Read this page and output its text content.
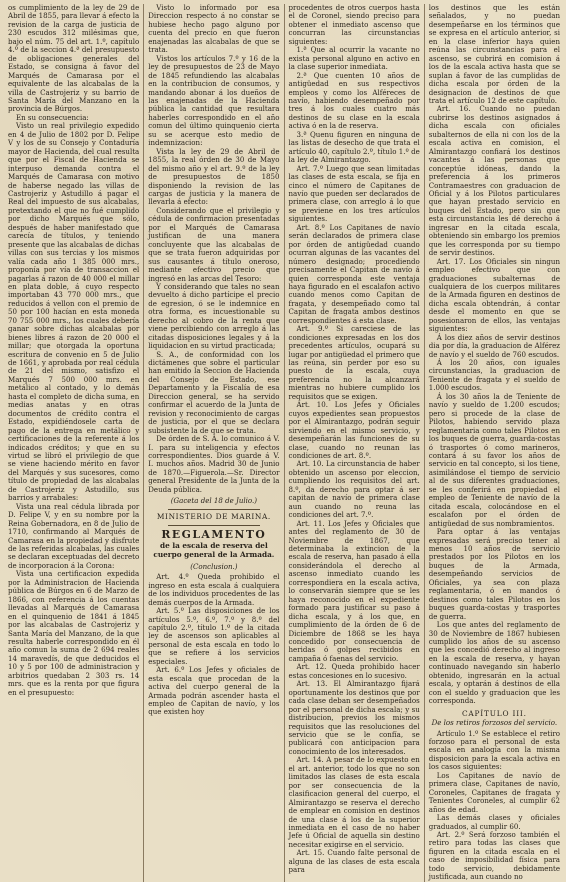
os cumplimiento de la ley de 29 de Abril de 1855, para llevar á efecto la revision de la carga de justicia de 230 escudos 312 milésimas que, bajo el núm. 75 del art. 1.º, capítulo 4.º de la seccion 4.ª del presupuesto de obligaciones generales del Estado, se consigna á favor del Marqués de Camarasa por el equivalente de las alcabalas de la villa de Castrojeriz y su barrio de Santa María del Manzano en la provincia de Búrgos.

En su consecuencia:

Visto un real privilegio expedido en 4 de Julio de 1802 por D. Felipe V y los de su Consejo y Contaduría mayor de Hacienda, del cual resulta que por el Fiscal de Hacienda se interpuso demanda contra el Marqués de Camarasa con motivo de haberse negado las villas de Castrojeriz y Astudillo á pagar el Real del impuesto de sus alcabalas, pretextando el que no fué cumplido por dicho Marqués que sólo, después de haber manifestado que carecía de títulos, y teniendo presente que las alcabalas de dichas villas con sus tercias y los mismos valía cada año 1 385 000 mrs., proponía por vía de transaccion el pagarlas á razon de 40 000 el millar en plata doble, á cuyo respecto importaban 43 770 000 mrs., que reducidos á vellon con el premio de 50 por 100 hacían en esta moneda 70 755 000 mrs., los cuales debería ganar sobre dichas alcabalas por bienes libres á razon de 20 000 el millar; que otorgada la oportuna escritura de convenio en 5 de Julio de 1661, y aprobada por real cédula de 21 del mismo, satisfizo el Marqués 7 500 000 mrs. en metálico al contado, y lo demás hasta el completo de dicha suma, en medias anatas y en otras documentos de crédito contra el Estado, expidiéndosele carta de pago de la entrega en metálico y certificaciones de la referente á los indicados créditos; y que en su virtud se libró el privilegio de que se viene haciendo mérito en favor del Marqués y sus sucesores, como título de propiedad de las alcabalas de Castrojeriz y Astudillo, sus barrios y arrabales:

Vista una real cédula librada por D. Felipe V, y en su nombre por la Reina Gobernadora, en 8 de Julio de 1710, confirmando al Marqués de Camarasa en la propiedad y disfrute de las referidas alcabalas, las cuales se declaran exceptuadas del decreto de incorporacion á la Corona:

Vista una certificacion expedida por la Administracion de Hacienda pública de Búrgos en 6 de Marzo de 1866, con referencia á los cuentas llevadas al Marqués de Camarasa en el quinquenio de 1841 á 1845 por las alcabalas de Castrojeriz y Santa María del Manzano, de la que resulta haberle correspondido en él año comun la suma de 2 694 reales 14 maravedís, de que deducidos el 10 y 5 por 100 de administracion y arbitrios quedaban 2 303 rs. 14 mrs. que es la renta por que figura en el presupuesto:

Visto lo informado por esa Direccion respecto á no constar se hubiese hecho pago alguno por cuenta del precio en que fueron enajenadas las alcabalas de que se trata.

Vistos los artículos 7.º y 16 de la ley de presupuestos de 23 de Mayo de 1845 refundiendo las alcabalas en la contribucion de consumos, y mandando abonar á los dueños de las enajenadas de la Hacienda pública la cantidad que resultara haberles correspondido en el año comun del último quinquenio cierta su se acerque esto medio de indemnizacion:

Vista la ley de 29 de Abril de 1855, la real órden de 30 de Mayo del mismo año y el art. 9.º de la ley de presupuestos de 1850 disponiendo la revision de las cargas de justicia y la manera de llevarla á efecto:

Considerando que el privilegio y cédula de confirmacion presentadas por el Marqués de Camarasa justifican de una manera concluyente que las alcabalas de que se trata fueron adquiridas por sus causantes á título oneroso, mediante efectivo precio que ingresó en las arcas del Tesoro:

Y considerando que tales no sean devuelto á dicho partícipe el precio de egresion, ó se le indemnice en otra forma, es incuestionable su derecho al cobro de la renta que viene percibiendo con arreglo á las citadas disposiciones legales y á la liquidacion en su virtud practicada;

S. A., de conformidad con los dictámenes que sobre el particular han emitido la Seccion de Hacienda del Consejo de Estado, ese Departamento y la Fiscalía de esa Direccion general, se ha servido confirmar el acuerdo de la Junta de revision y reconocimiento de cargas de justicia, por el que se declara subsistente la de que se trata.

De órden de S. A. lo comunico á V. I. para su inteligencia y efectos correspondientes. Dios guarde á V. I. muchos años. Madrid 30 de Junio de 1870.—Figuerola.—Sr. Director general Presidente de la Junta de la Deuda pública.

(Gaceta del 18 de Julio.)

MINISTERIO DE MARINA.

REGLAMENTO

de la escala de reserva del cuerpo general de la Armada.

(Conclusion.)

Art. 4.º Queda prohibido el ingreso en esta escala á cualquiera de los individuos procedentes de las demás cuerpos de la Armada.

Art. 5.º Las disposiciones de los artículos 5.º, 6.º, 7.º y 8.º del capítulo 2.º, título 1.º de la citada ley de ascensos son aplicables al personal de esta escala en todo lo que se refiere á los servicios especiales.

Art. 6.º Los Jefes y oficiales de esta escala que procedan de la activa del cuerpo general de la Armada podrán ascender hasta el empleo de Capitan de navío, y los que existen hoy

procedentes de otros cuerpos hasta el de Coronel, siendo preciso para obtener el inmediato ascenso que concurran las circunstancias siguientes:

1.ª Que al ocurrir la vacante no exista personal alguno en activo en la clase superior inmediata.

2.ª Que cuenten 10 años de antigüedad en sus respectivos empleos y como los Alféreces de navío, habiendo desempeñado por tres á los cuales cuatro más destinos de su clase en la escala activa ó en la de reserva.

3.ª Quenu figuren en ninguna de las listas de desecho de que trata el artículo 40, capítulo 2.º, título 1.º de la ley de Almirantazgo.

Art. 7.º Luego que sean limitadas las clases de esta escala, se fija en cinco el número de Capitanes de navío que pueden ser declarados de primera clase, con arreglo á lo que se previene en los tres artículos siguientes.

Art. 8.º Los Capitanes de navío serán declarados de primera clase por órden de antigüedad cuando ocurran algunas de las vacantes del número designado; procediendo precisamente el Capitan de navío á quien corresponda este ventaja haya figurado en el escalafon activo cuando menos como Capitan de fragata, y desempeñado como tal Capitan de fragata ambos destinos correspondientes á esta clase.

Art. 9.º Si careciese de las condiciones expresadas en los dos precedentes artículos, ocupará su lugar por antigüedad el primero que las reúna, sin perder por eso su puesto de la escala, cuya preferencia no la alcanzará mientras no hubiere cumplido los requisitos que se exigen.

Art. 10. Los Jefes y Oficiales cuyos expedientes sean propuestos por el Almirantazgo, podrán seguir sirviendo en el mismo servicio, y desempeñarán las funciones de su clase, cuando no reunan las condiciones de art. 8.º.

Art. 10. La circunstancia de haber obtenido un ascenso por eleccion, cumpliendo los requisitos del art. 8.º, da derecho para optar á ser capitan de navío de primera clase aun cuando no reuna las condiciones del art. 7.º.

Art. 11. Los Jefes y Oficiales que antes del reglamento de 30 de Noviembre de 1867, que determinaba la extincion de la escala de reserva, han pasado á ella considerándola el derecho al ascenso inmediato cuando les correspondiera en la escala activa, lo conservarán siempre que se les haya reconocido en el expediente formado para justificar su paso á dicha escala, y á los que, en cumplimiento de la órden de 6 de Diciembre de 1868 se les haya concedido por consecuencia de heridas ó golpes recibidos en campaña ó faenas del servicio.

Art. 12. Queda prohibido hacer estas concesiones en lo sucesivo.

Art. 13. El Almirantazgo fijará oportunamente los destinos que por cada clase deban ser desempeñados por el personal de dicha escala; y su distribucion, previos los mismos requisitos que las resoluciones del servicio que se le confía, se publicará con anticipacion para conocimiento de los interesados.

Art. 14. A pesar de lo expuesto en el art. anterior, todo los que no son limitados las clases de esta escala por ser consecuencia de la clasificacion general del cuerpo, el Almirantazgo se reserva el derecho de emplear en comision en destinos de una clase á los de la superior inmediata en el caso de no haber Jefe ú Oficial de aquella sin destino necesitar exigirse en el servicio.

Art. 15. Cuando falte personal de alguna de las clases de esta escala para

los destinos que les están señalados, y no puedan desempeñarse en los términos que se expresa en el artículo anterior, si en la clase inferior haya quien reúna las circunstancias para el ascenso, se cubrirá en comision á los de la escala activa hasta que se suplan á favor de las cumplidas de dicha escala por órden de la designacion de destinos de que trata el artículo 12 de este capítulo.

Art. 16. Cuando no puedan cubrirse los destinos asignados á dicha escala con oficiales subalternos de ella ni con los de la escala activa en comision, el Almirantazgo confiará los destinos vacantes á las personas que conceptúe idóneas, dando la preferencia á los primeros Contramaestres con graduacion de Oficial y á los Pilotos particulares que hayan prestado servicio en buques del Estado, pero sin que esta circunstancia les dé derecho á ingresar en la citada escala, obteniendo sin embargo los premios que les corresponda por su tiempo de servir destinos.

Art. 17. Los Oficiales sin ningun empleo efectivo que con graduaciones subalternas de cualquiera de los cuerpos militares de la Armada figuren en destinos de dicha escala obtendrán, á contar desde el momento en que se posesionaron de ellos, las ventajas siguientes:

Á los diez años de servir destinos dia por día, la graduacion de Alférez de navío y el sueldo de 760 escudos.

Á los 20 años, con iguales circunstancias, la graduacion de Teniente de fragata y el sueldo de 1.000 escudos.

Á los 30 años la de Teniente de navío y sueldo de 1.200 escudos; pero si procede de la clase de Pilotos, habiendo servido plaza reglamentaria como tales Pilotos en los buques de guerra, guarda-costas ó trasportes ó como marineros, contará á su favor los años de servicio en tal concepto, si los tiene, asimilándose el tiempo de servicio al de sus diferentes graduaciones, se les conferirá en propiedad el empleo de Teniente de navío de la citada escala, colocándose en el escalafon por el órden de antigüedad de sus nombramientos.

Para optar á las ventajas expresadas será preciso tener al menos 10 años de servicio prestados por los Pilotos en los buques de la Armada, desempeñando servicios de Oficiales, ya sea con plaza reglamentaria, ó en mandos ó destinos como tales Pilotos en los buques guarda-costas y trasportes de guerra.

Los que antes del reglamento de 30 de Noviembre de 1867 hubiesen cumplido los años de su ascenso que les concedió derecho al ingreso en la escala de reserva, y hayan continuado navegando sin haberlo obtenido, ingresarán en la actual escala, y optarán á destinos de ella con el sueldo y graduacion que les corresponda.

CAPÍTULO III.

De los retiros forzosos del servicio.

Artículo 1.º Se establece el retiro forzoso para el personal de esta escala en analogía con la misma disposicion para la escala activa en los casos siguientes:

Los Capitanes de navío de primera clase, Capitanes de navío, Coroneles, Capitanes de fragata y Tenientes Coroneles, al cumplir 62 años de edad.

Las demás clases y oficiales graduados, al cumplir 60.

Art. 2.º Será forzoso también el retiro para todas las clases que figuren en la citada escala en el caso de imposibilidad física para todo servicio, debidamente justificada, aun cuando no
